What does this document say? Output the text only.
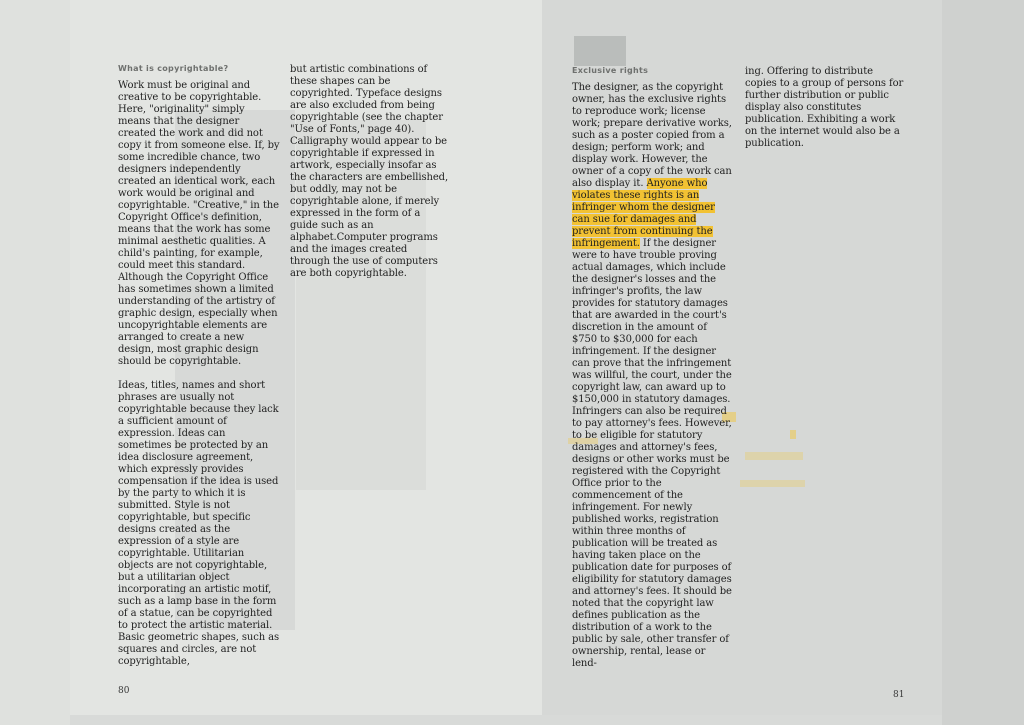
What is copyrightable?

Work must be original and creative to be copyrightable. Here, "originality" simply means that the designer created the work and did not copy it from someone else. If, by some incredible chance, two designers independently created an identical work, each work would be original and copyrightable. "Creative," in the Copyright Office's definition, means that the work has some minimal aesthetic qualities. A child's painting, for example, could meet this standard. Although the Copyright Office has sometimes shown a limited understanding of the artistry of graphic design, especially when uncopyrightable elements are arranged to create a new design, most graphic design should be copyrightable.

Ideas, titles, names and short phrases are usually not copyrightable because they lack a sufficient amount of expression. Ideas can sometimes be protected by an idea disclosure agreement, which expressly provides compensation if the idea is used by the party to which it is submitted. Style is not copyrightable, but specific designs created as the expression of a style are copyrightable. Utilitarian objects are not copyrightable, but a utilitarian object incorporating an artistic motif, such as a lamp base in the form of a statue, can be copyrighted to protect the artistic material. Basic geometric shapes, such as squares and circles, are not copyrightable,

but artistic combinations of these shapes can be copyrighted. Typeface designs are also excluded from being copyrightable (see the chapter "Use of Fonts," page 40). Calligraphy would appear to be copyrightable if expressed in artwork, especially insofar as the characters are embellished, but oddly, may not be copyrightable alone, if merely expressed in the form of a guide such as an alphabet.Computer programs and the images created through the use of computers are both copyrightable.

80
Exclusive rights

The designer, as the copyright owner, has the exclusive rights to reproduce work; license work; prepare derivative works, such as a poster copied from a design; perform work; and display work. However, the owner of a copy of the work can also display it. Anyone who violates these rights is an infringer whom the designer can sue for damages and prevent from continuing the infringement. If the designer were to have trouble proving actual damages, which include the designer's losses and the infringer's profits, the law provides for statutory damages that are awarded in the court's discretion in the amount of $750 to $30,000 for each infringement. If the designer can prove that the infringement was willful, the court, under the copyright law, can award up to $150,000 in statutory damages. Infringers can also be required to pay attorney's fees. However, to be eligible for statutory damages and attorney's fees, designs or other works must be registered with the Copyright Office prior to the commencement of the infringement. For newly published works, registration within three months of publication will be treated as having taken place on the publication date for purposes of eligibility for statutory damages and attorney's fees. It should be noted that the copyright law defines publication as the distribution of a work to the public by sale, other transfer of ownership, rental, lease or lend-

ing. Offering to distribute copies to a group of persons for further distribution or public display also constitutes publication. Exhibiting a work on the internet would also be a publication.

81
